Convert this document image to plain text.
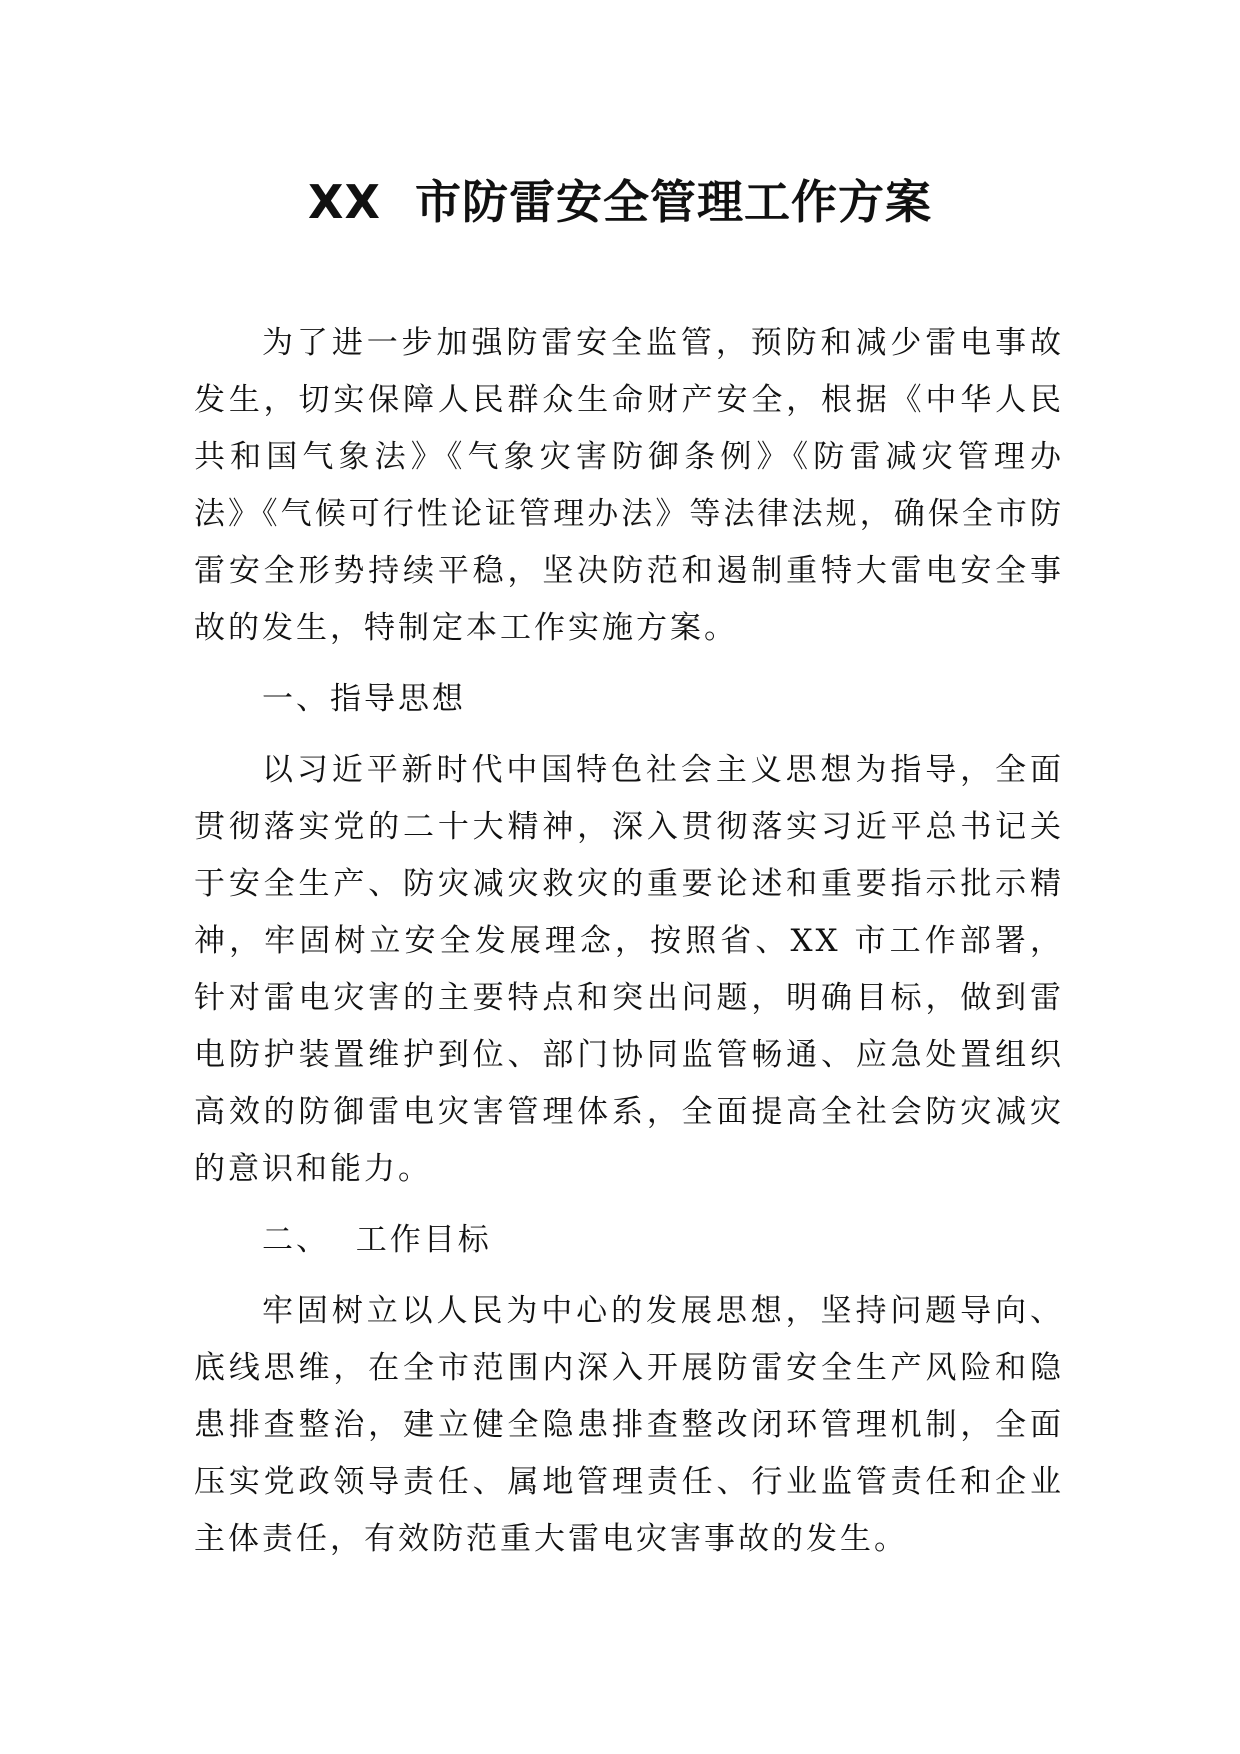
XX  市防雷安全管理工作方案

为了进一步加强防雷安全监管，预防和减少雷电事故发生，切实保障人民群众生命财产安全，根据《中华人民共和国气象法》《气象灾害防御条例》《防雷减灾管理办法》《气候可行性论证管理办法》等法律法规，确保全市防雷安全形势持续平稳，坚决防范和遏制重特大雷电安全事故的发生，特制定本工作实施方案。

一、指导思想

以习近平新时代中国特色社会主义思想为指导，全面贯彻落实党的二十大精神，深入贯彻落实习近平总书记关于安全生产、防灾减灾救灾的重要论述和重要指示批示精神，牢固树立安全发展理念，按照省、XX 市工作部署，针对雷电灾害的主要特点和突出问题，明确目标，做到雷电防护装置维护到位、部门协同监管畅通、应急处置组织高效的防御雷电灾害管理体系，全面提高全社会防灾减灾的意识和能力。

二、  工作目标

牢固树立以人民为中心的发展思想，坚持问题导向、底线思维，在全市范围内深入开展防雷安全生产风险和隐患排查整治，建立健全隐患排查整改闭环管理机制，全面压实党政领导责任、属地管理责任、行业监管责任和企业主体责任，有效防范重大雷电灾害事故的发生。
